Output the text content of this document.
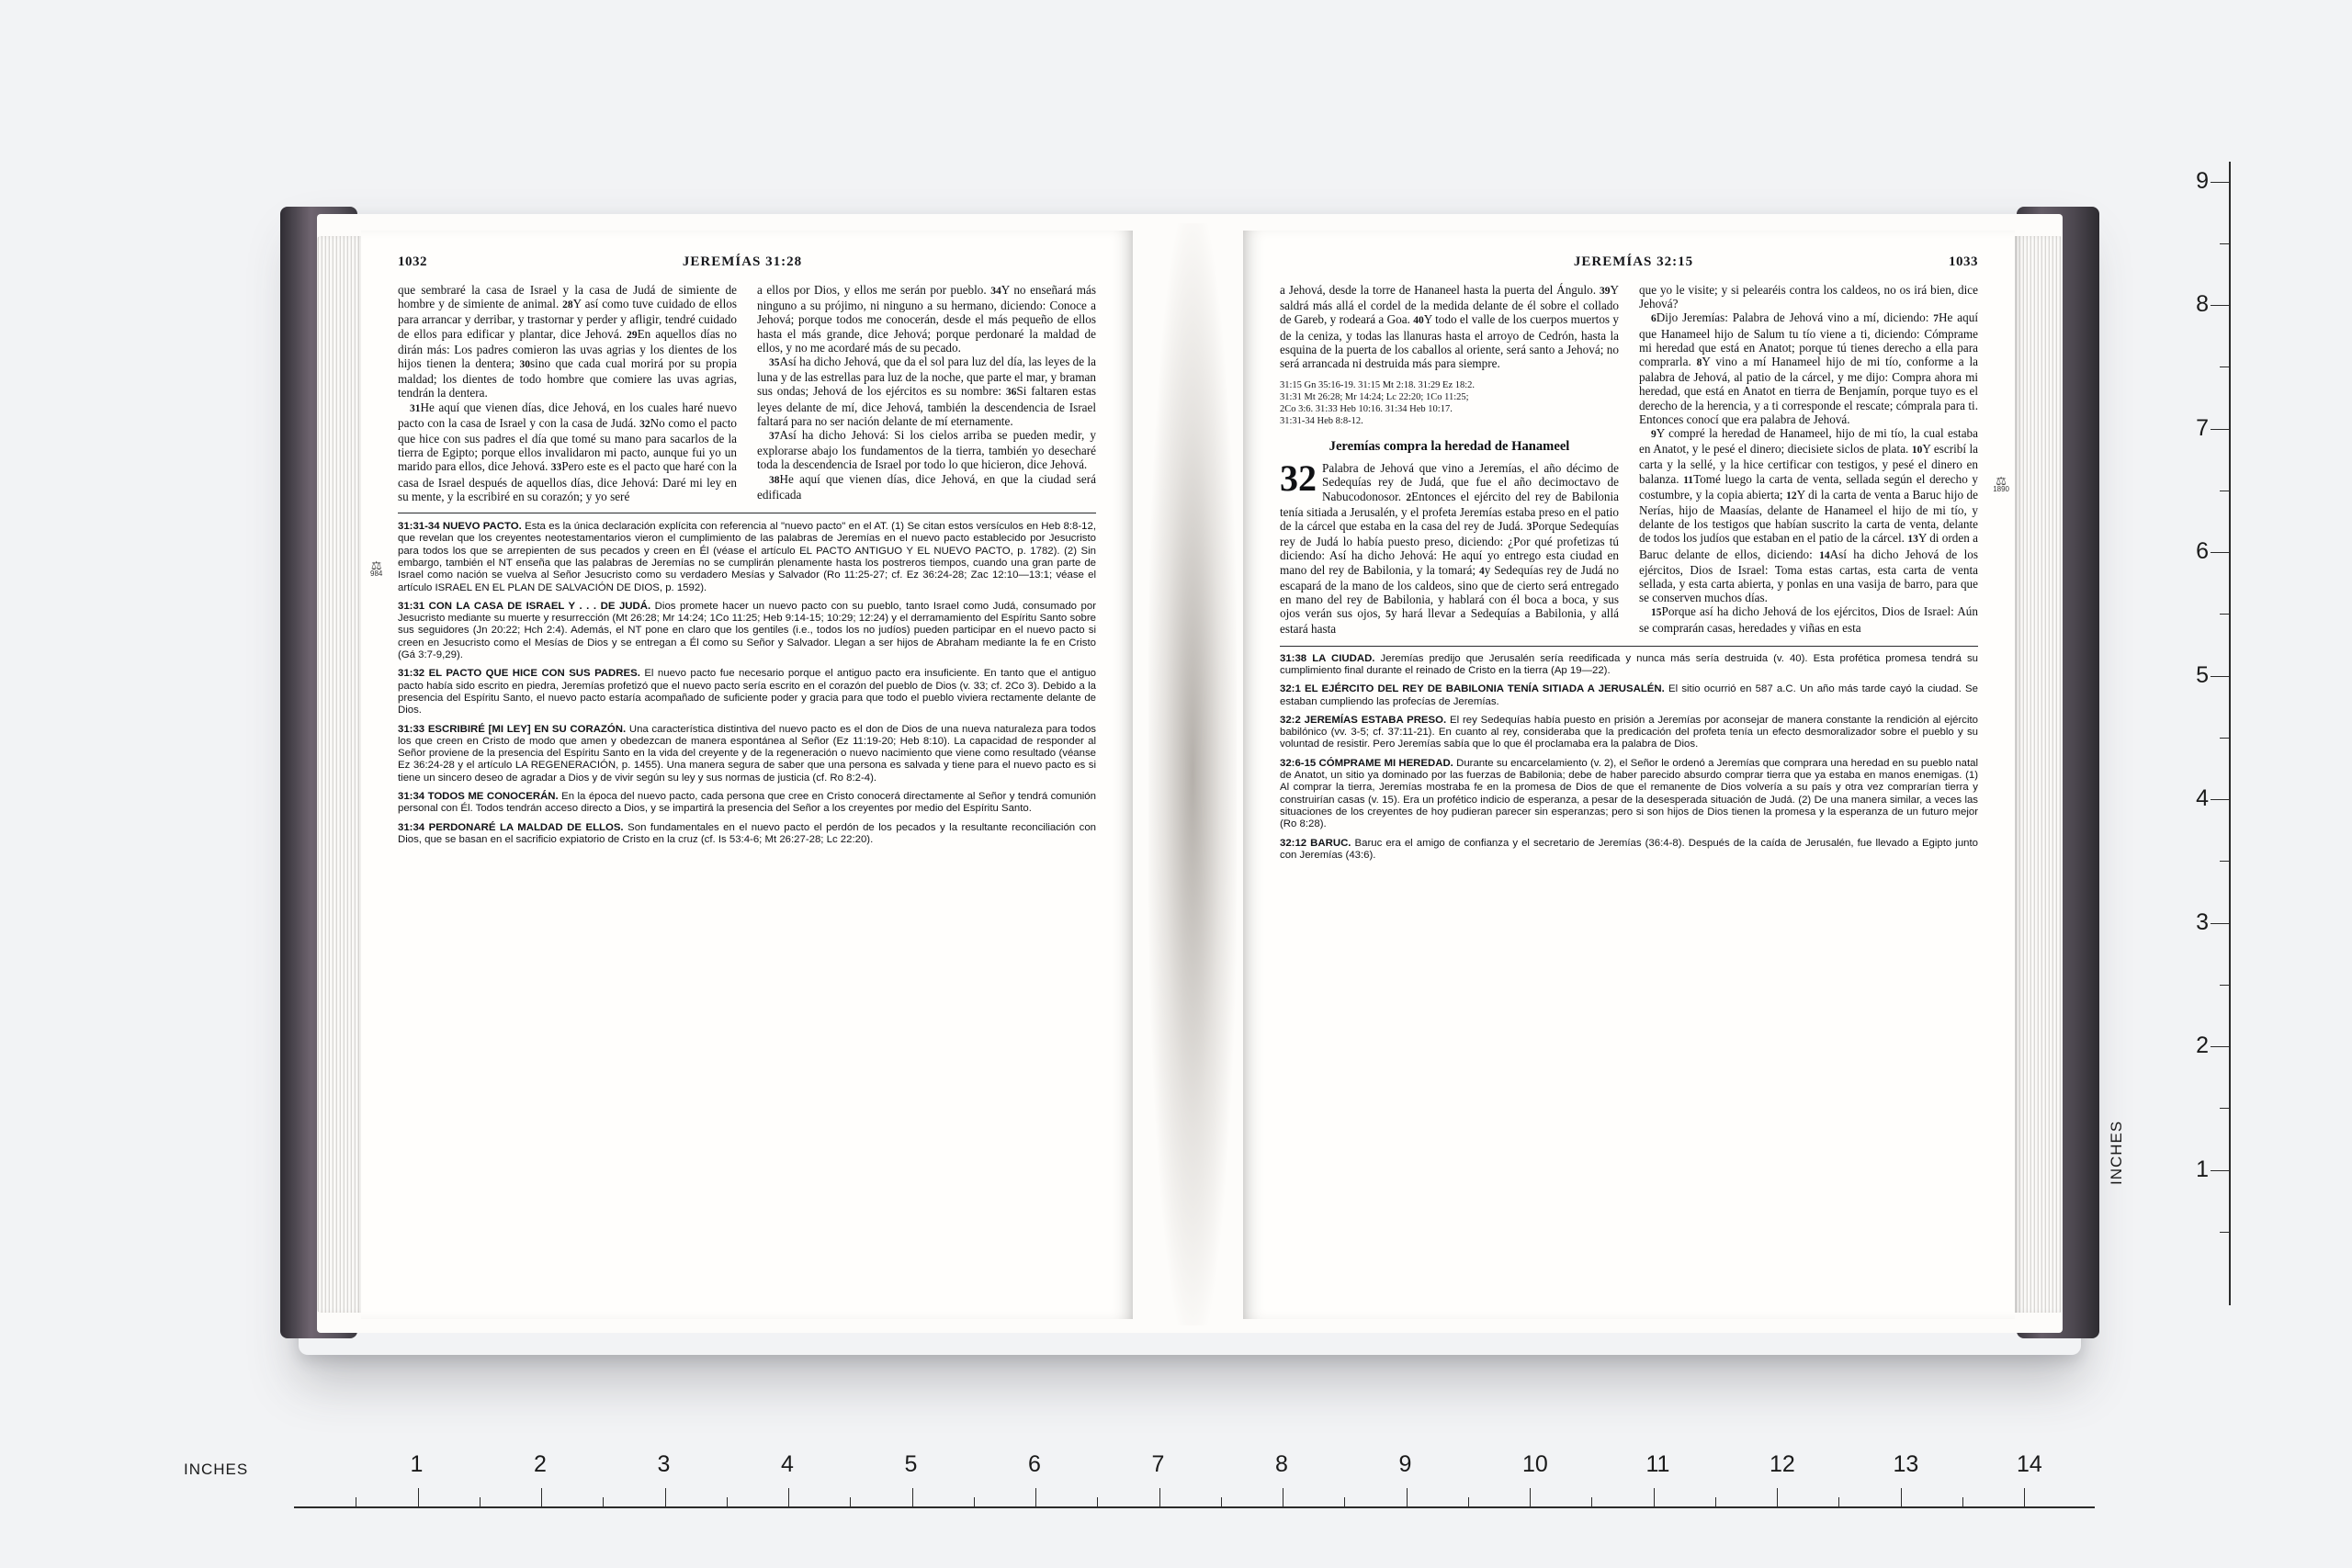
INCHES	1
2
3
4
5
6
7
8
9
INCHES	1	2	3	4	5	6	7	8	9	10	11	12	13	14
1032	JEREMÍAS 31:28
⚖
984

que sembraré la casa de Israel y la casa de Judá de simiente de hombre y de simiente de animal. 28Y así como tuve cuidado de ellos para arrancar y derribar, y trastornar y perder y afligir, tendré cuidado de ellos para edificar y plantar, dice Jehová. 29En aquellos días no dirán más: Los padres comieron las uvas agrias y los dientes de los hijos tienen la dentera; 30sino que cada cual morirá por su propia maldad; los dientes de todo hombre que comiere las uvas agrias, tendrán la dentera.

31He aquí que vienen días, dice Jehová, en los cuales haré nuevo pacto con la casa de Israel y con la casa de Judá. 32No como el pacto que hice con sus padres el día que tomé su mano para sacarlos de la tierra de Egipto; porque ellos invalidaron mi pacto, aunque fui yo un marido para ellos, dice Jehová. 33Pero este es el pacto que haré con la casa de Israel después de aquellos días, dice Jehová: Daré mi ley en su mente, y la escribiré en su corazón; y yo seré

a ellos por Dios, y ellos me serán por pueblo. 34Y no enseñará más ninguno a su prójimo, ni ninguno a su hermano, diciendo: Conoce a Jehová; porque todos me conocerán, desde el más pequeño de ellos hasta el más grande, dice Jehová; porque perdonaré la maldad de ellos, y no me acordaré más de su pecado.

35Así ha dicho Jehová, que da el sol para luz del día, las leyes de la luna y de las estrellas para luz de la noche, que parte el mar, y braman sus ondas; Jehová de los ejércitos es su nombre: 36Si faltaren estas leyes delante de mí, dice Jehová, también la descendencia de Israel faltará para no ser nación delante de mí eternamente.

37Así ha dicho Jehová: Si los cielos arriba se pueden medir, y explorarse abajo los fundamentos de la tierra, también yo desecharé toda la descendencia de Israel por todo lo que hicieron, dice Jehová.

38He aquí que vienen días, dice Jehová, en que la ciudad será edificada

31:31-34 NUEVO PACTO. Esta es la única declaración explícita con referencia al "nuevo pacto" en el AT. (1) Se citan estos versículos en Heb 8:8-12, que revelan que los creyentes neotestamentarios vieron el cumplimiento de las palabras de Jeremías en el nuevo pacto establecido por Jesucristo para todos los que se arrepienten de sus pecados y creen en Él (véase el artículo EL PACTO ANTIGUO Y EL NUEVO PACTO, p. 1782). (2) Sin embargo, también el NT enseña que las palabras de Jeremías no se cumplirán plenamente hasta los postreros tiempos, cuando una gran parte de Israel como nación se vuelva al Señor Jesucristo como su verdadero Mesías y Salvador (Ro 11:25-27; cf. Ez 36:24-28; Zac 12:10—13:1; véase el artículo ISRAEL EN EL PLAN DE SALVACIÓN DE DIOS, p. 1592).

31:31 CON LA CASA DE ISRAEL Y . . . DE JUDÁ. Dios promete hacer un nuevo pacto con su pueblo, tanto Israel como Judá, consumado por Jesucristo mediante su muerte y resurrección (Mt 26:28; Mr 14:24; 1Co 11:25; Heb 9:14-15; 10:29; 12:24) y el derramamiento del Espíritu Santo sobre sus seguidores (Jn 20:22; Hch 2:4). Además, el NT pone en claro que los gentiles (i.e., todos los no judíos) pueden participar en el nuevo pacto si creen en Jesucristo como el Mesías de Dios y se entregan a Él como su Señor y Salvador. Llegan a ser hijos de Abraham mediante la fe en Cristo (Gá 3:7-9,29).

31:32 EL PACTO QUE HICE CON SUS PADRES. El nuevo pacto fue necesario porque el antiguo pacto era insuficiente. En tanto que el antiguo pacto había sido escrito en piedra, Jeremías profetizó que el nuevo pacto sería escrito en el corazón del pueblo de Dios (v. 33; cf. 2Co 3). Debido a la presencia del Espíritu Santo, el nuevo pacto estaría acompañado de suficiente poder y gracia para que todo el pueblo viviera rectamente delante de Dios.

31:33 ESCRIBIRÉ [MI LEY] EN SU CORAZÓN. Una característica distintiva del nuevo pacto es el don de Dios de una nueva naturaleza para todos los que creen en Cristo de modo que amen y obedezcan de manera espontánea al Señor (Ez 11:19-20; Heb 8:10). La capacidad de responder al Señor proviene de la presencia del Espíritu Santo en la vida del creyente y de la regeneración o nuevo nacimiento que viene como resultado (véanse Ez 36:24-28 y el artículo LA REGENERACIÓN, p. 1455). Una manera segura de saber que una persona es salvada y tiene para el nuevo pacto es si tiene un sincero deseo de agradar a Dios y de vivir según su ley y sus normas de justicia (cf. Ro 8:2-4).

31:34 TODOS ME CONOCERÁN. En la época del nuevo pacto, cada persona que cree en Cristo conocerá directamente al Señor y tendrá comunión personal con Él. Todos tendrán acceso directo a Dios, y se impartirá la presencia del Señor a los creyentes por medio del Espíritu Santo.

31:34 PERDONARÉ LA MALDAD DE ELLOS. Son fundamentales en el nuevo pacto el perdón de los pecados y la resultante reconciliación con Dios, que se basan en el sacrificio expiatorio de Cristo en la cruz (cf. Is 53:4-6; Mt 26:27-28; Lc 22:20).

JEREMÍAS 32:15	1033
⚖
1890

a Jehová, desde la torre de Hananeel hasta la puerta del Ángulo. 39Y saldrá más allá el cordel de la medida delante de él sobre el collado de Gareb, y rodeará a Goa. 40Y todo el valle de los cuerpos muertos y de la ceniza, y todas las llanuras hasta el arroyo de Cedrón, hasta la esquina de la puerta de los caballos al oriente, será santo a Jehová; no será arrancada ni destruida más para siempre.

31:15 Gn 35:16-19. 31:15 Mt 2:18. 31:29 Ez 18:2.
31:31 Mt 26:28; Mr 14:24; Lc 22:20; 1Co 11:25;
2Co 3:6. 31:33 Heb 10:16. 31:34 Heb 10:17.
31:31-34 Heb 8:8-12.
Jeremías compra la heredad de Hanameel

32 Palabra de Jehová que vino a Jeremías, el año décimo de Sedequías rey de Judá, que fue el año decimoctavo de Nabucodonosor. 2Entonces el ejército del rey de Babilonia tenía sitiada a Jerusalén, y el profeta Jeremías estaba preso en el patio de la cárcel que estaba en la casa del rey de Judá. 3Porque Sedequías rey de Judá lo había puesto preso, diciendo: ¿Por qué profetizas tú diciendo: Así ha dicho Jehová: He aquí yo entrego esta ciudad en mano del rey de Babilonia, y la tomará; 4y Sedequías rey de Judá no escapará de la mano de los caldeos, sino que de cierto será entregado en mano del rey de Babilonia, y hablará con él boca a boca, y sus ojos verán sus ojos, 5y hará llevar a Sedequías a Babilonia, y allá estará hasta

que yo le visite; y si pelearéis contra los caldeos, no os irá bien, dice Jehová?

6Dijo Jeremías: Palabra de Jehová vino a mí, diciendo: 7He aquí que Hanameel hijo de Salum tu tío viene a ti, diciendo: Cómprame mi heredad que está en Anatot; porque tú tienes derecho a ella para comprarla. 8Y vino a mí Hanameel hijo de mi tío, conforme a la palabra de Jehová, al patio de la cárcel, y me dijo: Compra ahora mi heredad, que está en Anatot en tierra de Benjamín, porque tuyo es el derecho de la herencia, y a ti corresponde el rescate; cómprala para ti. Entonces conocí que era palabra de Jehová.

9Y compré la heredad de Hanameel, hijo de mi tío, la cual estaba en Anatot, y le pesé el dinero; diecisiete siclos de plata. 10Y escribí la carta y la sellé, y la hice certificar con testigos, y pesé el dinero en balanza. 11Tomé luego la carta de venta, sellada según el derecho y costumbre, y la copia abierta; 12Y di la carta de venta a Baruc hijo de Nerías, hijo de Maasías, delante de Hanameel el hijo de mi tío, y delante de los testigos que habían suscrito la carta de venta, delante de todos los judíos que estaban en el patio de la cárcel. 13Y di orden a Baruc delante de ellos, diciendo: 14Así ha dicho Jehová de los ejércitos, Dios de Israel: Toma estas cartas, esta carta de venta sellada, y esta carta abierta, y ponlas en una vasija de barro, para que se conserven muchos días.

15Porque así ha dicho Jehová de los ejércitos, Dios de Israel: Aún se comprarán casas, heredades y viñas en esta

31:38 LA CIUDAD. Jeremías predijo que Jerusalén sería reedificada y nunca más sería destruida (v. 40). Esta profética promesa tendrá su cumplimiento final durante el reinado de Cristo en la tierra (Ap 19—22).

32:1 EL EJÉRCITO DEL REY DE BABILONIA TENÍA SITIADA A JERUSALÉN. El sitio ocurrió en 587 a.C. Un año más tarde cayó la ciudad. Se estaban cumpliendo las profecías de Jeremías.

32:2 JEREMÍAS ESTABA PRESO. El rey Sedequías había puesto en prisión a Jeremías por aconsejar de manera constante la rendición al ejército babilónico (vv. 3-5; cf. 37:11-21). En cuanto al rey, consideraba que la predicación del profeta tenía un efecto desmoralizador sobre el pueblo y su voluntad de resistir. Pero Jeremías sabía que lo que él proclamaba era la palabra de Dios.

32:6-15 CÓMPRAME MI HEREDAD. Durante su encarcelamiento (v. 2), el Señor le ordenó a Jeremías que comprara una heredad en su pueblo natal de Anatot, un sitio ya dominado por las fuerzas de Babilonia; debe de haber parecido absurdo comprar tierra que ya estaba en manos enemigas. (1) Al comprar la tierra, Jeremías mostraba fe en la promesa de Dios de que el remanente de Dios volvería a su país y otra vez comprarían tierra y construirían casas (v. 15). Era un profético indicio de esperanza, a pesar de la desesperada situación de Judá. (2) De una manera similar, a veces las situaciones de los creyentes de hoy pudieran parecer sin esperanzas; pero si son hijos de Dios tienen la promesa y la esperanza de un futuro mejor (Ro 8:28).

32:12 BARUC. Baruc era el amigo de confianza y el secretario de Jeremías (36:4-8). Después de la caída de Jerusalén, fue llevado a Egipto junto con Jeremías (43:6).
